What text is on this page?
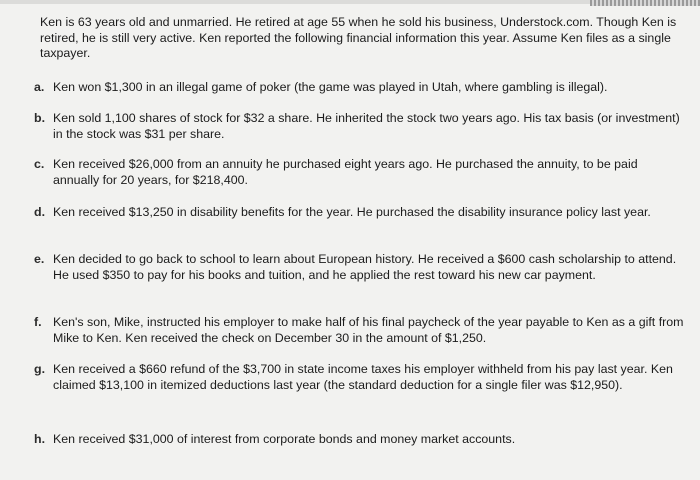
Ken is 63 years old and unmarried. He retired at age 55 when he sold his business, Understock.com. Though Ken is retired, he is still very active. Ken reported the following financial information this year. Assume Ken files as a single taxpayer.

a. Ken won $1,300 in an illegal game of poker (the game was played in Utah, where gambling is illegal).
b. Ken sold 1,100 shares of stock for $32 a share. He inherited the stock two years ago. His tax basis (or investment) in the stock was $31 per share.
c. Ken received $26,000 from an annuity he purchased eight years ago. He purchased the annuity, to be paid annually for 20 years, for $218,400.
d. Ken received $13,250 in disability benefits for the year. He purchased the disability insurance policy last year.
e. Ken decided to go back to school to learn about European history. He received a $600 cash scholarship to attend. He used $350 to pay for his books and tuition, and he applied the rest toward his new car payment.
f. Ken's son, Mike, instructed his employer to make half of his final paycheck of the year payable to Ken as a gift from Mike to Ken. Ken received the check on December 30 in the amount of $1,250.
g. Ken received a $660 refund of the $3,700 in state income taxes his employer withheld from his pay last year. Ken claimed $13,100 in itemized deductions last year (the standard deduction for a single filer was $12,950).
h. Ken received $31,000 of interest from corporate bonds and money market accounts.
